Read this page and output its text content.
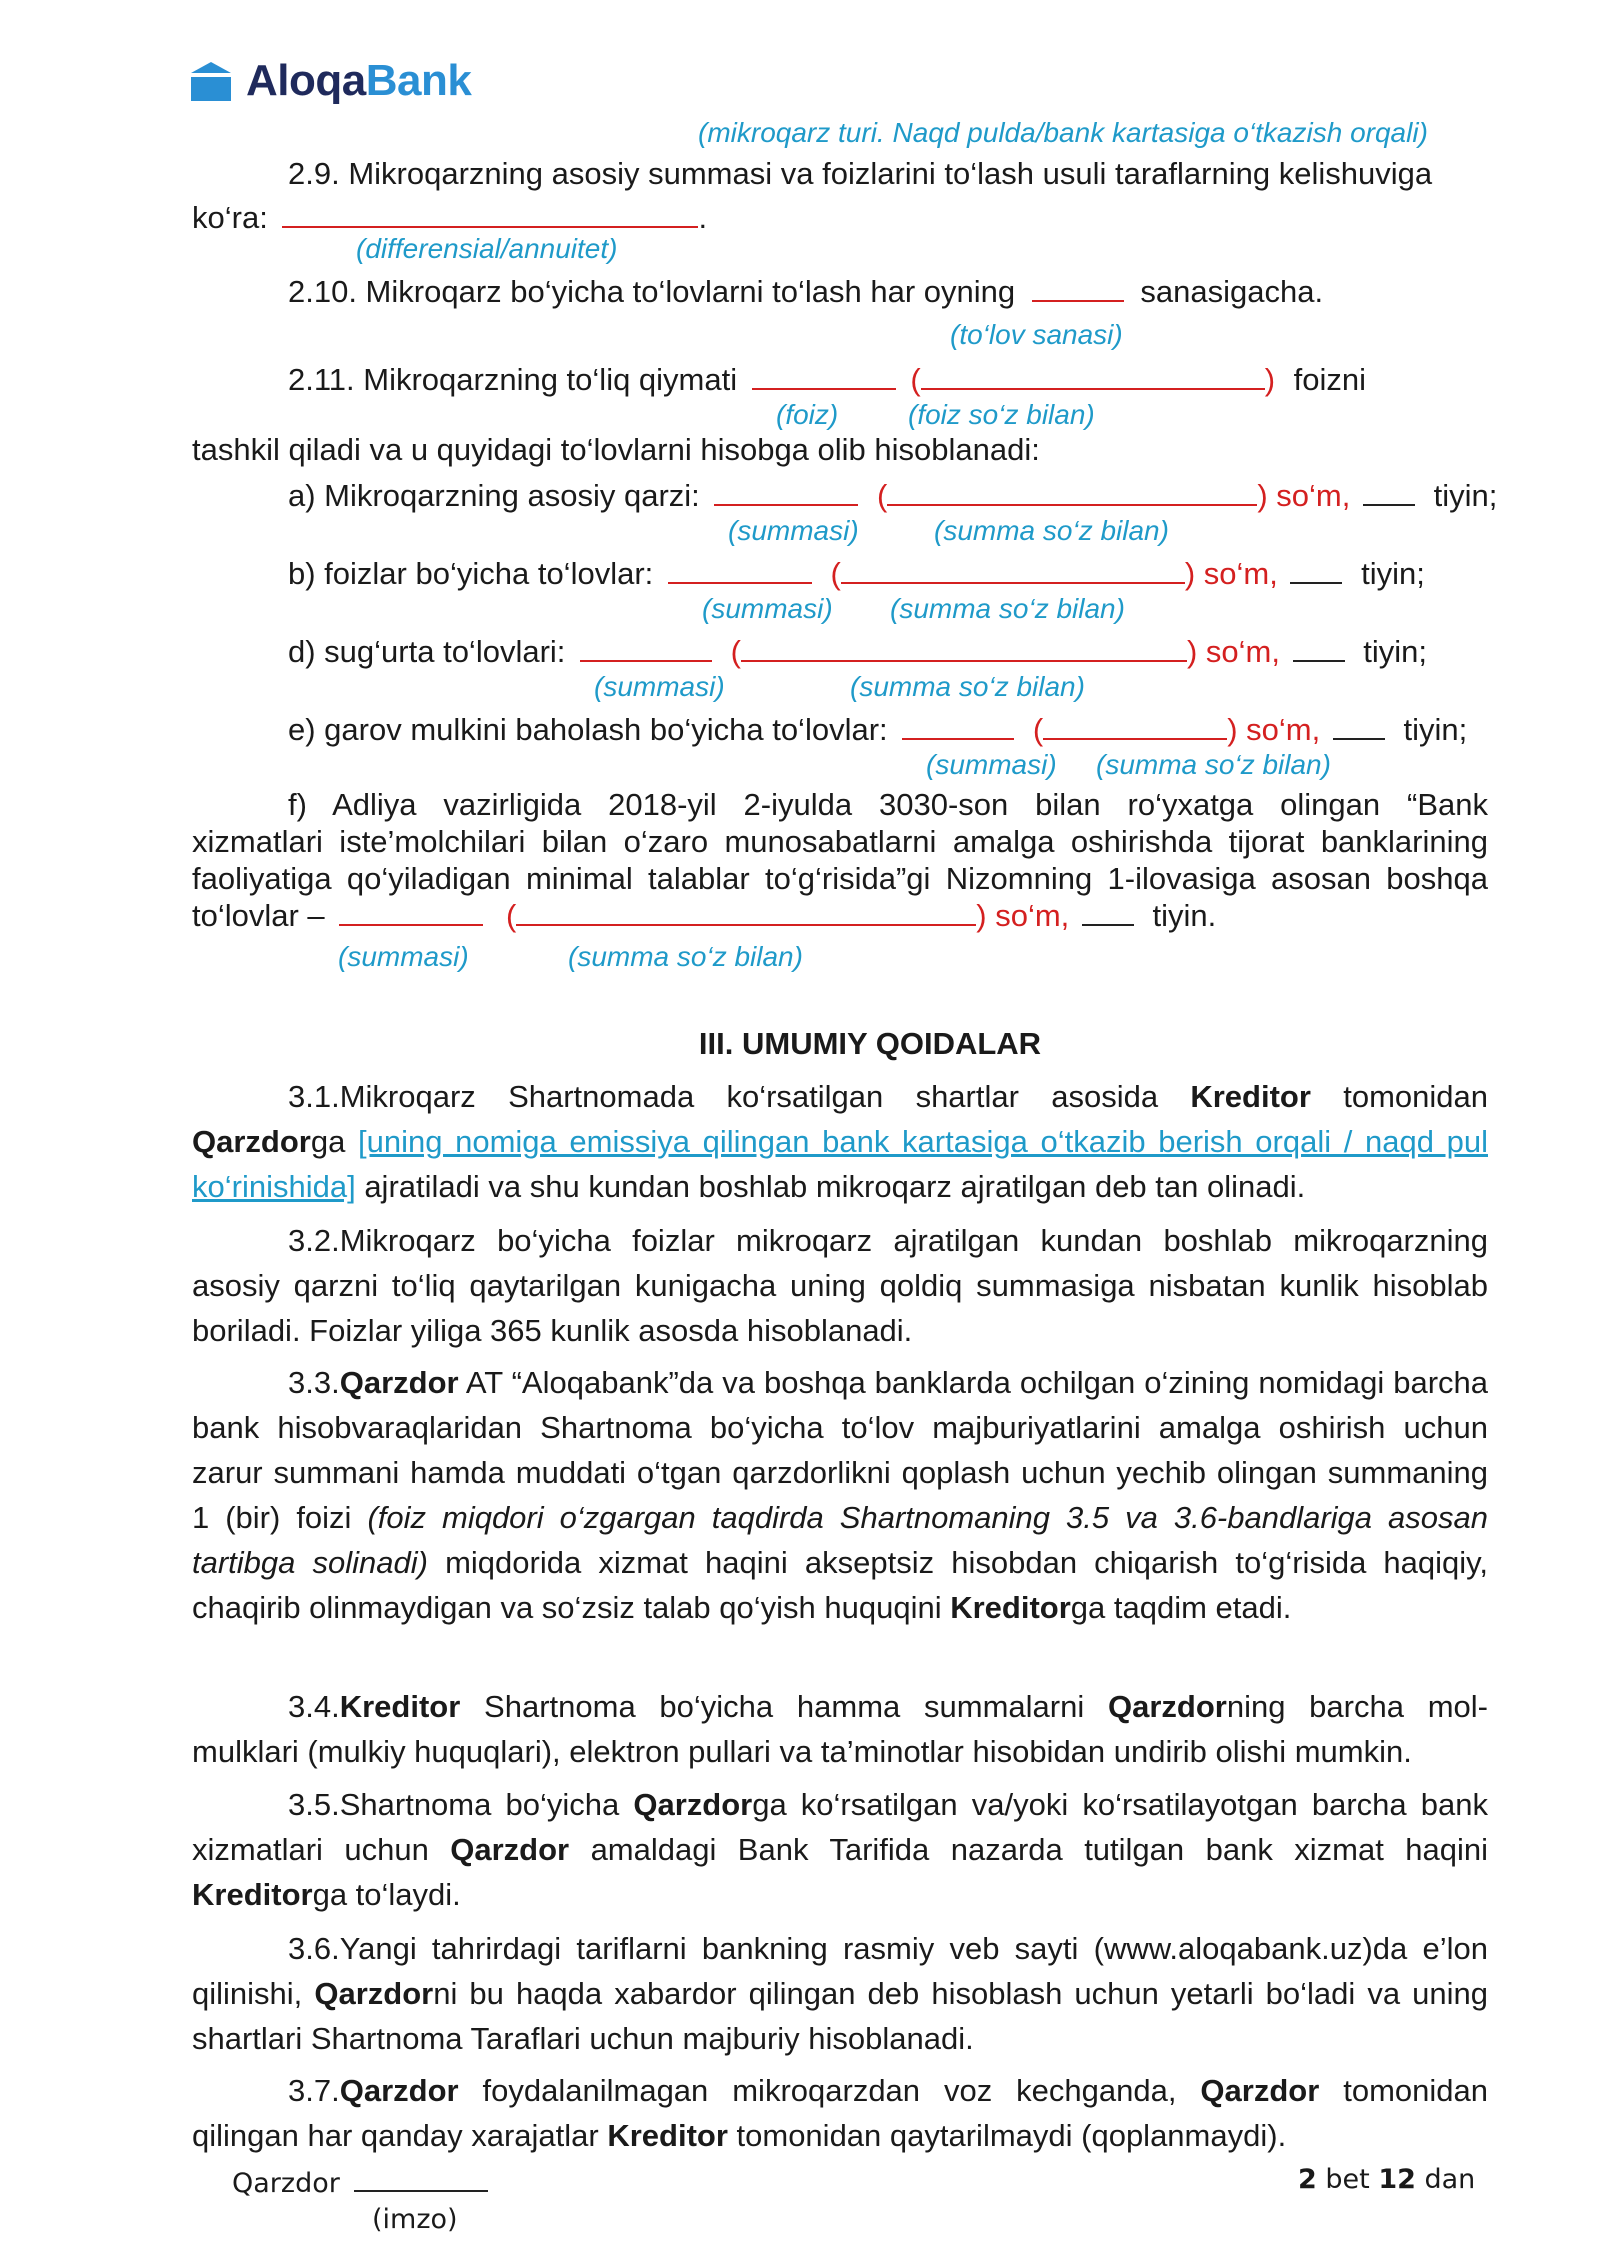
AloqaBank
(mikroqarz turi. Naqd pulda/bank kartasiga o‘tkazish orqali)
2.9. Mikroqarzning asosiy summasi va foizlarini to‘lash usuli taraflarning kelishuviga
ko‘ra:	.
(differensial/annuitet)
2.10. Mikroqarz bo‘yicha to‘lovlarni to‘lash har oyning	sanasigacha.
(to‘lov sanasi)
2.11. Mikroqarzning to‘liq qiymati	(	) foizni
(foiz) (foiz so‘z bilan)
tashkil qiladi va u quyidagi to‘lovlarni hisobga olib hisoblanadi:
a) Mikroqarzning asosiy qarzi:	(	) so‘m,	tiyin;
(summasi)	(summa so‘z bilan)
b) foizlar bo‘yicha to‘lovlar:	(	) so‘m,	tiyin;
(summasi) (summa so‘z bilan)
d) sug‘urta to‘lovlari:	(	) so‘m,	tiyin;
(summasi)	(summa so‘z bilan)
e) garov mulkini baholash bo‘yicha to‘lovlar:	(	) so‘m,	tiyin;
(summasi) (summa so‘z bilan)
f) Adliya vazirligida 2018-yil 2-iyulda 3030-son bilan ro‘yxatga olingan “Bank
xizmatlari iste’molchilari bilan o‘zaro munosabatlarni amalga oshirishda tijorat banklarining
faoliyatiga qo‘yiladigan minimal talablar to‘g‘risida”gi Nizomning 1-ilovasiga asosan boshqa
to‘lovlar –	(	) so‘m,	tiyin.
(summasi)	(summa so‘z bilan)
III. UMUMIY QOIDALAR
3.1.Mikroqarz Shartnomada ko‘rsatilgan shartlar asosida Kreditor tomonidan Qarzdorga [uning nomiga emissiya qilingan bank kartasiga o‘tkazib berish orqali / naqd pul ko‘rinishida] ajratiladi va shu kundan boshlab mikroqarz ajratilgan deb tan olinadi.
3.2.Mikroqarz bo‘yicha foizlar mikroqarz ajratilgan kundan boshlab mikroqarzning asosiy qarzni to‘liq qaytarilgan kunigacha uning qoldiq summasiga nisbatan kunlik hisoblab boriladi. Foizlar yiliga 365 kunlik asosda hisoblanadi.
3.3.Qarzdor AT “Aloqabank”da va boshqa banklarda ochilgan o‘zining nomidagi barcha bank hisobvaraqlaridan Shartnoma bo‘yicha to‘lov majburiyatlarini amalga oshirish uchun zarur summani hamda muddati o‘tgan qarzdorlikni qoplash uchun yechib olingan summaning 1 (bir) foizi (foiz miqdori o‘zgargan taqdirda Shartnomaning 3.5 va 3.6-bandlariga asosan tartibga solinadi) miqdorida xizmat haqini akseptsiz hisobdan chiqarish to‘g‘risida haqiqiy, chaqirib olinmaydigan va so‘zsiz talab qo‘yish huquqini Kreditorga taqdim etadi.
3.4.Kreditor Shartnoma bo‘yicha hamma summalarni Qarzdorning barcha mol-mulklari (mulkiy huquqlari), elektron pullari va ta’minotlar hisobidan undirib olishi mumkin.
3.5.Shartnoma bo‘yicha Qarzdorga ko‘rsatilgan va/yoki ko‘rsatilayotgan barcha bank xizmatlari uchun Qarzdor amaldagi Bank Tarifida nazarda tutilgan bank xizmat haqini Kreditorga to‘laydi.
3.6.Yangi tahrirdagi tariflarni bankning rasmiy veb sayti (www.aloqabank.uz)da e’lon qilinishi, Qarzdorni bu haqda xabardor qilingan deb hisoblash uchun yetarli bo‘ladi va uning shartlari Shartnoma Taraflari uchun majburiy hisoblanadi.
3.7.Qarzdor foydalanilmagan mikroqarzdan voz kechganda, Qarzdor tomonidan qilingan har qanday xarajatlar Kreditor tomonidan qaytarilmaydi (qoplanmaydi).
Qarzdor
(imzo)
2 bet 12 dan
